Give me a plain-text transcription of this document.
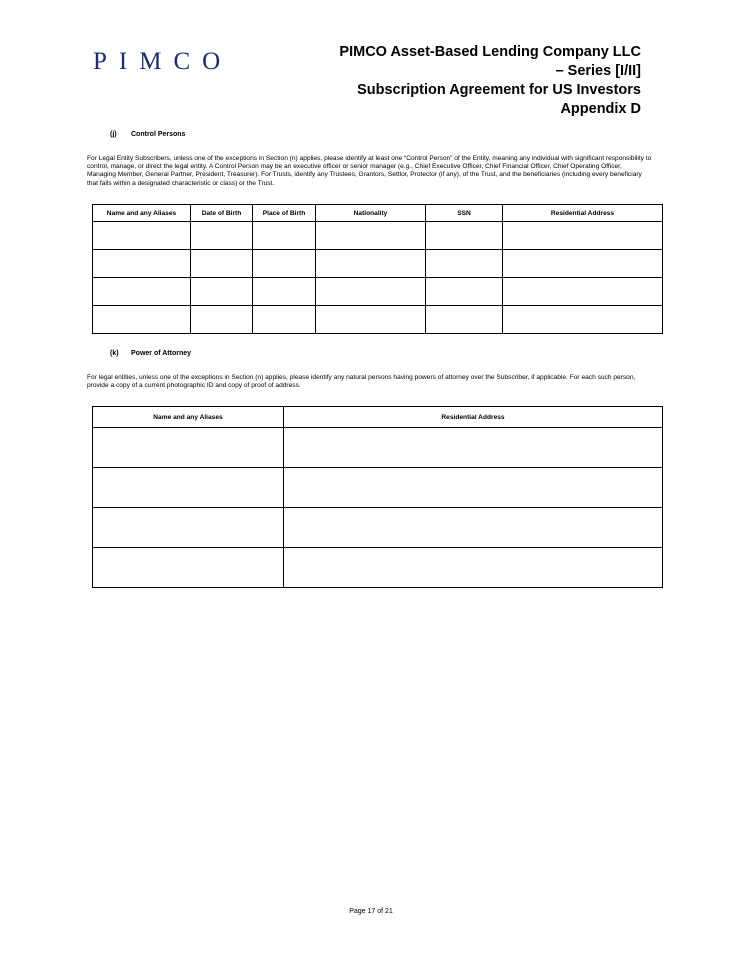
PIMCO	PIMCO Asset-Based Lending Company LLC
– Series [I/II]
Subscription Agreement for US Investors
Appendix D
(j) Control Persons
For Legal Entity Subscribers, unless one of the exceptions in Section (n) applies, please identify at least one “Control Person” of the Entity, meaning any individual with significant responsibility to control, manage, or direct the legal entity. A Control Person may be an executive officer or senior manager (e.g., Chief Executive Officer, Chief Financial Officer, Chief Operating Officer, Managing Member, General Partner, President, Treasurer). For Trusts, identify any Trustees, Grantors, Settlor, Protector (if any), of the Trust, and the beneficiaries (including every beneficiary that falls within a designated characteristic or class) or the Trust.
Name and any Aliases	Date of Birth	Place of Birth	Nationality	SSN	Residential Address

(k) Power of Attorney
For legal entities, unless one of the exceptions in Section (n) applies, please identify any natural persons having powers of attorney over the Subscriber, if applicable. For each such person, provide a copy of a current photographic ID and copy of proof of address.
Name and any Aliases	Residential Address

Page 17 of 21
